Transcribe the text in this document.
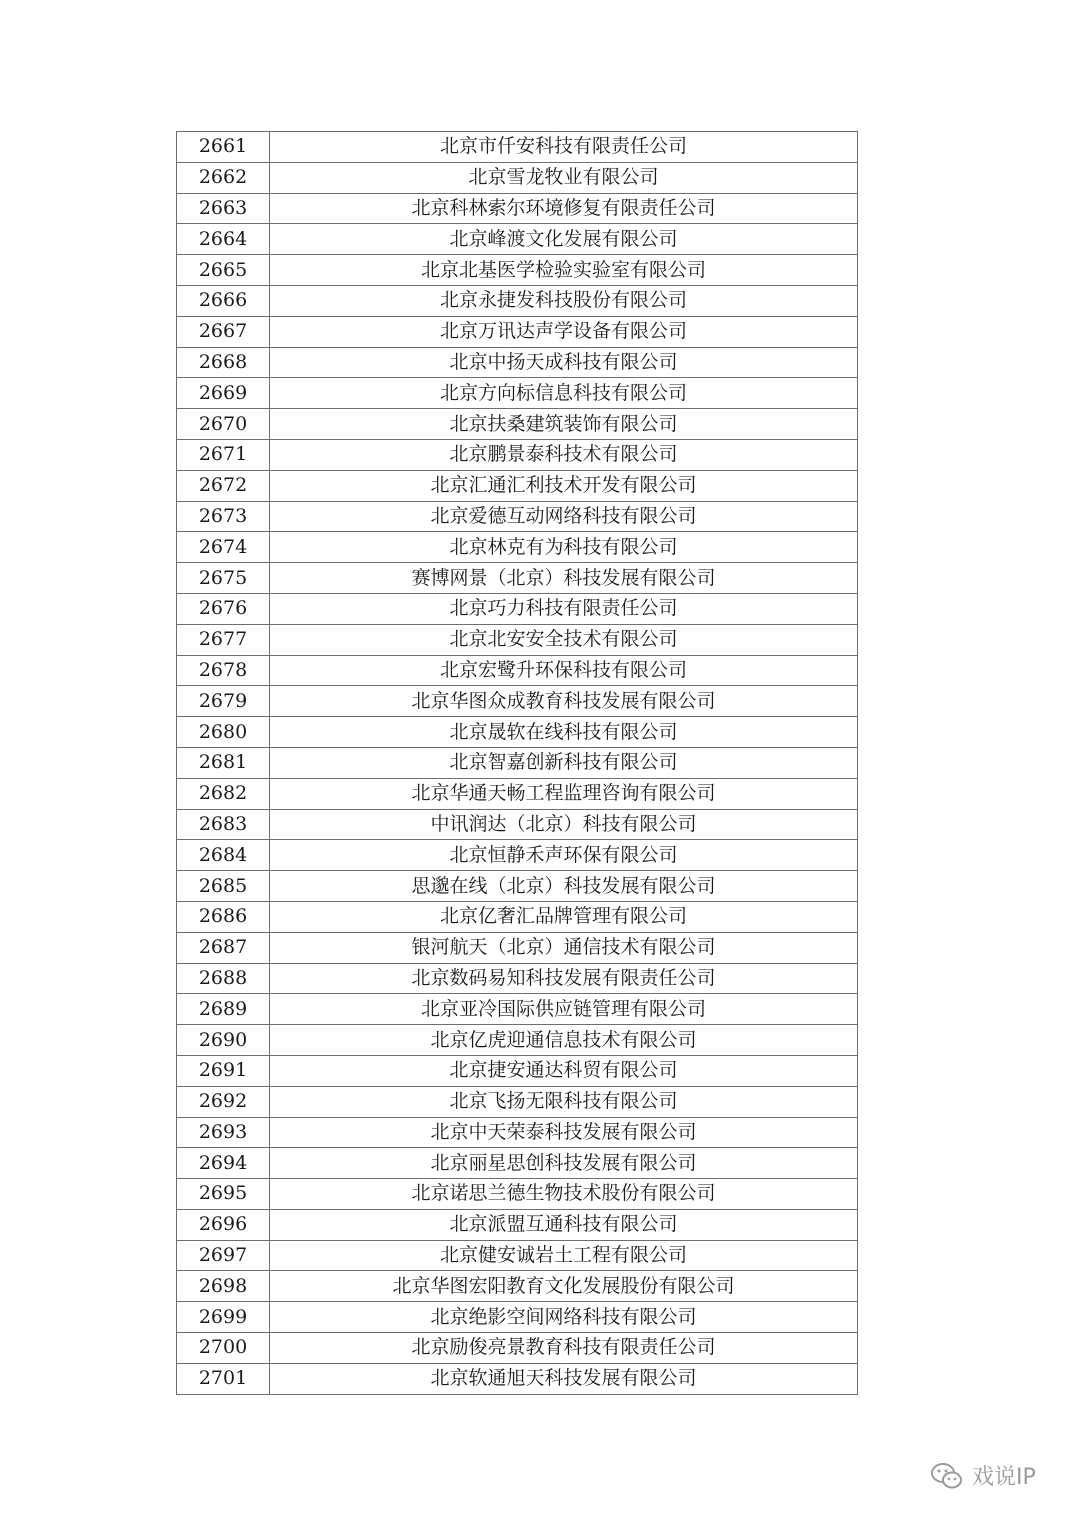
2661	北京市仟安科技有限责任公司
2662	北京雪龙牧业有限公司
2663	北京科林索尔环境修复有限责任公司
2664	北京峰渡文化发展有限公司
2665	北京北基医学检验实验室有限公司
2666	北京永捷发科技股份有限公司
2667	北京万讯达声学设备有限公司
2668	北京中扬天成科技有限公司
2669	北京方向标信息科技有限公司
2670	北京扶桑建筑装饰有限公司
2671	北京鹏景泰科技术有限公司
2672	北京汇通汇利技术开发有限公司
2673	北京爱德互动网络科技有限公司
2674	北京林克有为科技有限公司
2675	赛博网景（北京）科技发展有限公司
2676	北京巧力科技有限责任公司
2677	北京北安安全技术有限公司
2678	北京宏鹭升环保科技有限公司
2679	北京华图众成教育科技发展有限公司
2680	北京晟软在线科技有限公司
2681	北京智嘉创新科技有限公司
2682	北京华通天畅工程监理咨询有限公司
2683	中讯润达（北京）科技有限公司
2684	北京恒静禾声环保有限公司
2685	思邈在线（北京）科技发展有限公司
2686	北京亿奢汇品牌管理有限公司
2687	银河航天（北京）通信技术有限公司
2688	北京数码易知科技发展有限责任公司
2689	北京亚冷国际供应链管理有限公司
2690	北京亿虎迎通信息技术有限公司
2691	北京捷安通达科贸有限公司
2692	北京飞扬无限科技有限公司
2693	北京中天荣泰科技发展有限公司
2694	北京丽星思创科技发展有限公司
2695	北京诺思兰德生物技术股份有限公司
2696	北京派盟互通科技有限公司
2697	北京健安诚岩土工程有限公司
2698	北京华图宏阳教育文化发展股份有限公司
2699	北京绝影空间网络科技有限公司
2700	北京励俊亮景教育科技有限责任公司
2701	北京软通旭天科技发展有限公司
戏说IP
